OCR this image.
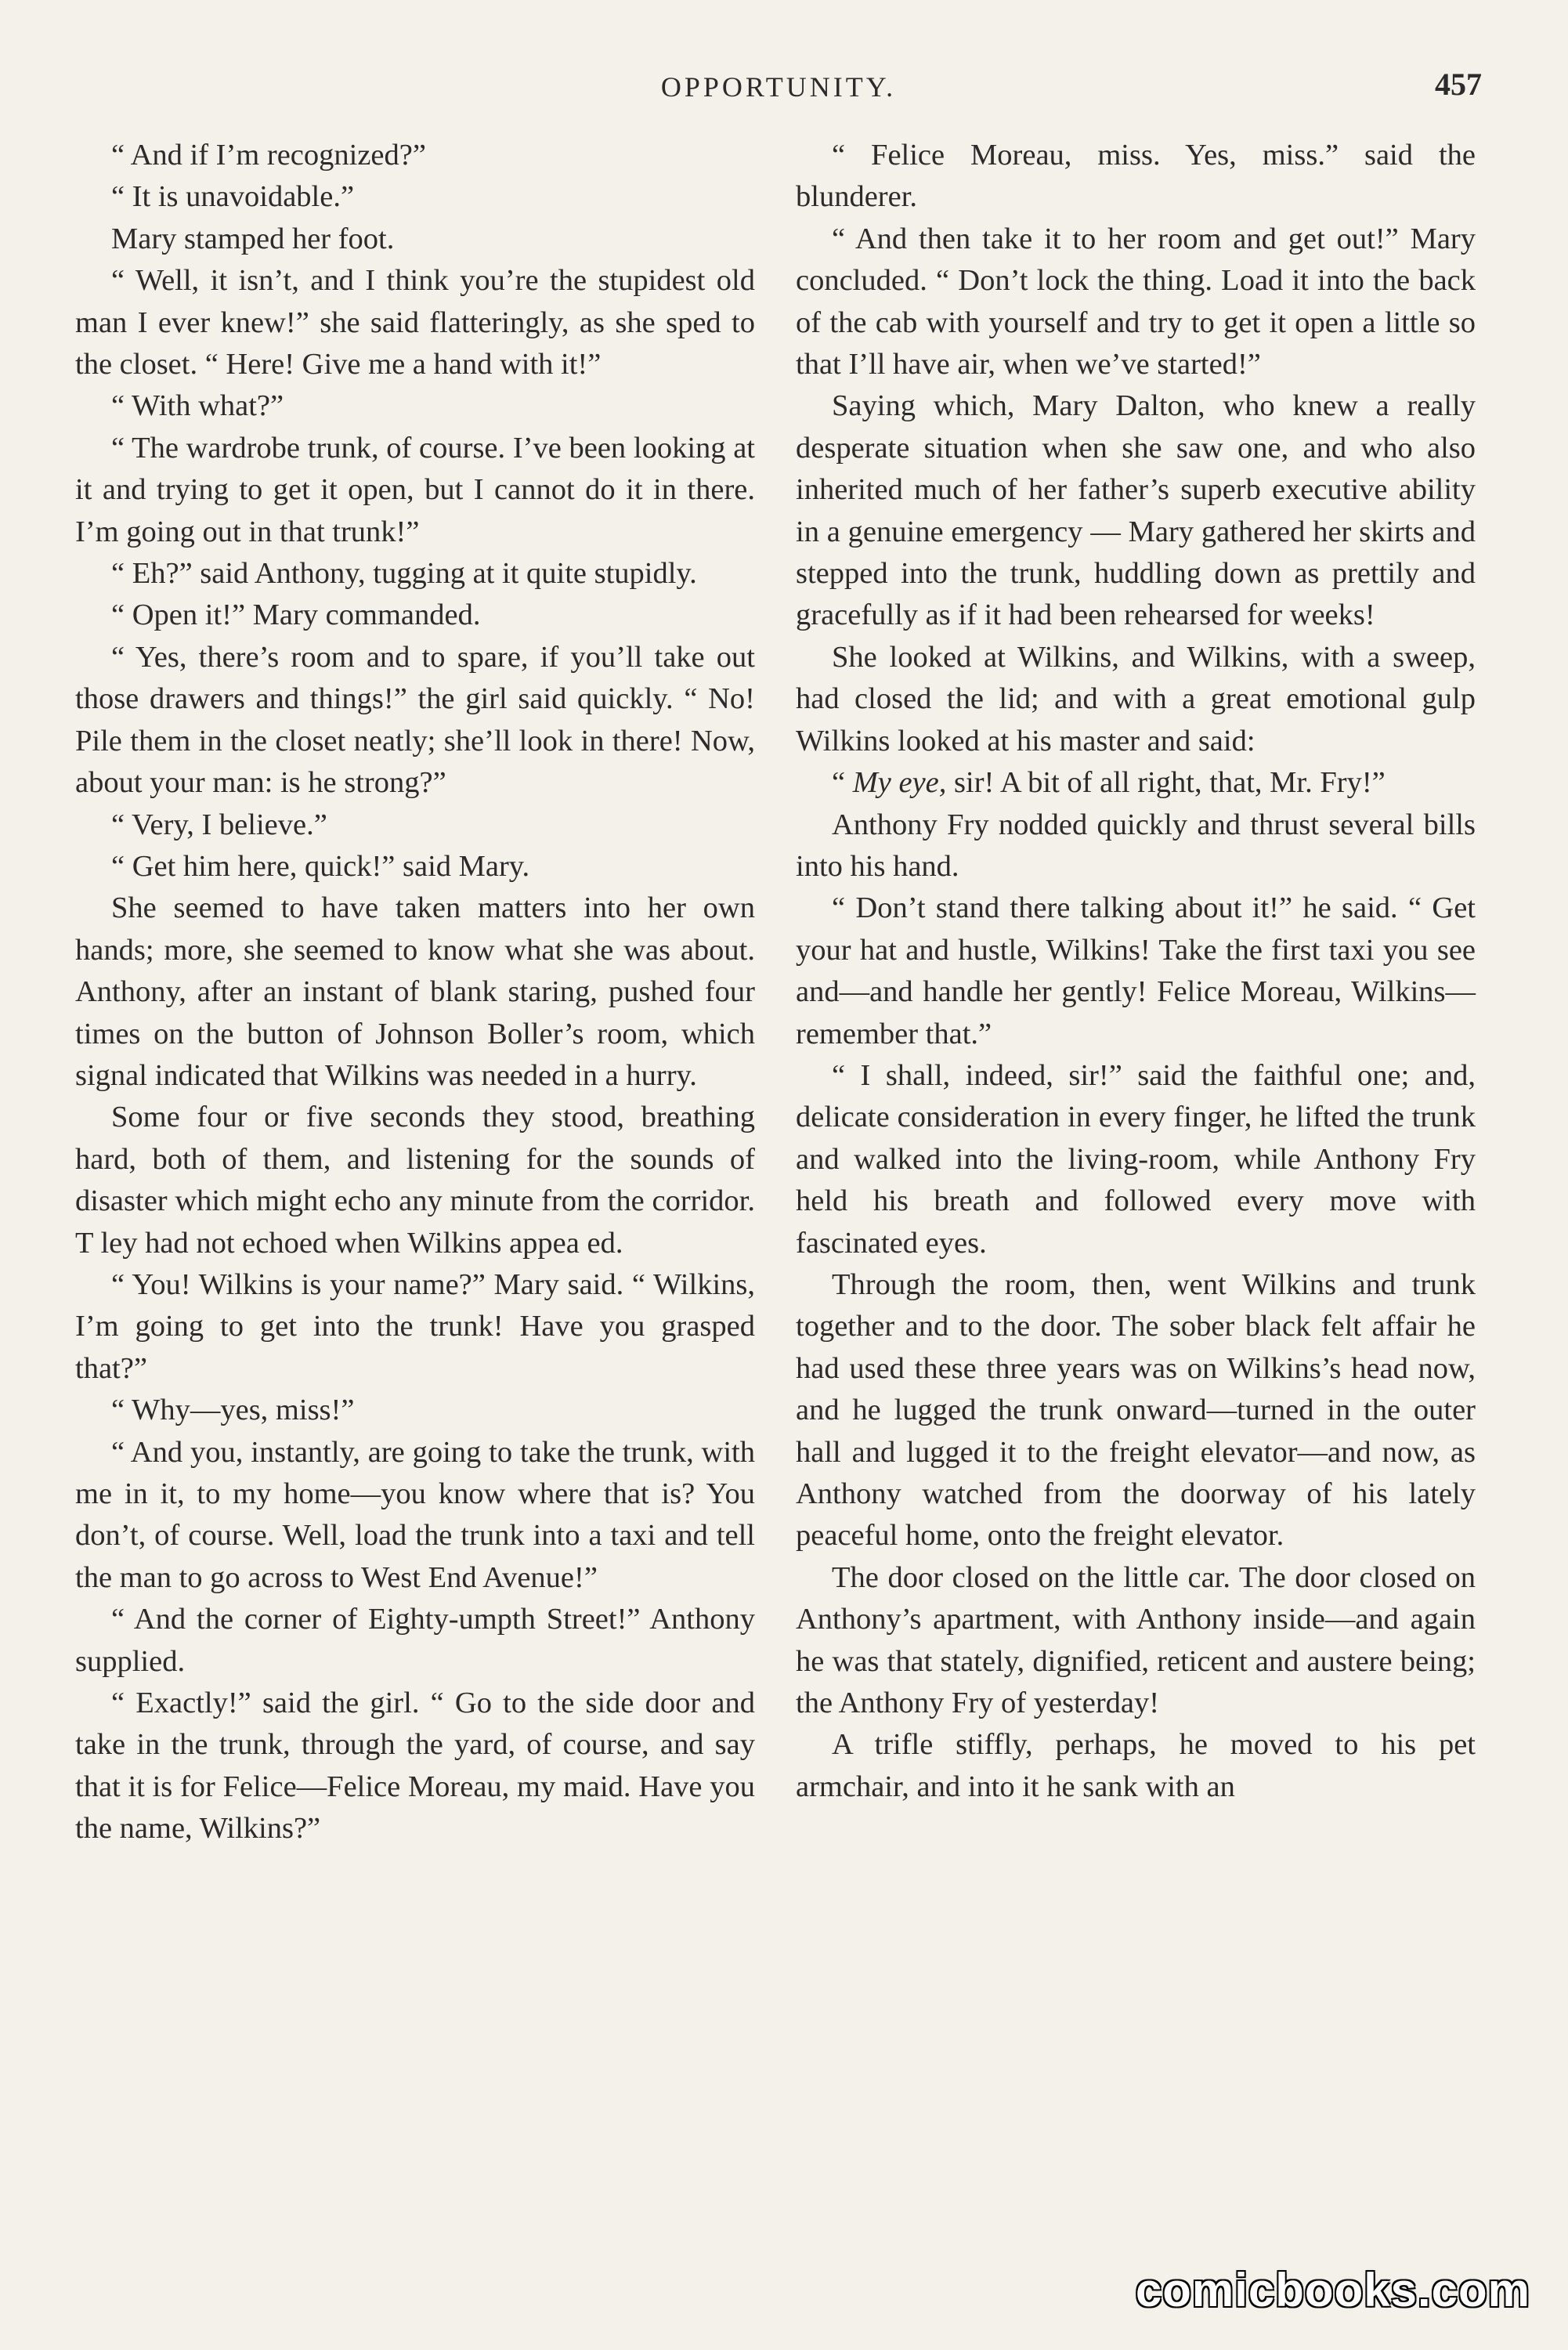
OPPORTUNITY.	457

“ And if I’m recognized?”

“ It is unavoidable.”

Mary stamped her foot.

“ Well, it isn’t, and I think you’re the stupidest old man I ever knew!” she said flatteringly, as she sped to the closet. “ Here! Give me a hand with it!”

“ With what?”

“ The wardrobe trunk, of course. I’ve been looking at it and trying to get it open, but I cannot do it in there. I’m going out in that trunk!”

“ Eh?” said Anthony, tugging at it quite stupidly.

“ Open it!” Mary commanded.

“ Yes, there’s room and to spare, if you’ll take out those drawers and things!” the girl said quickly. “ No! Pile them in the closet neatly; she’ll look in there! Now, about your man: is he strong?”

“ Very, I believe.”

“ Get him here, quick!” said Mary.

She seemed to have taken matters into her own hands; more, she seemed to know what she was about. Anthony, after an instant of blank staring, pushed four times on the button of Johnson Boller’s room, which signal indicated that Wilkins was needed in a hurry.

Some four or five seconds they stood, breathing hard, both of them, and listening for the sounds of disaster which might echo any minute from the corridor. T ley had not echoed when Wilkins appea ed.

“ You! Wilkins is your name?” Mary said. “ Wilkins, I’m going to get into the trunk! Have you grasped that?”

“ Why—yes, miss!”

“ And you, instantly, are going to take the trunk, with me in it, to my home—you know where that is? You don’t, of course. Well, load the trunk into a taxi and tell the man to go across to West End Avenue!”

“ And the corner of Eighty-umpth Street!” Anthony supplied.

“ Exactly!” said the girl. “ Go to the side door and take in the trunk, through the yard, of course, and say that it is for Felice—Felice Moreau, my maid. Have you the name, Wilkins?”

“ Felice Moreau, miss. Yes, miss.” said the blunderer.

“ And then take it to her room and get out!” Mary concluded. “ Don’t lock the thing. Load it into the back of the cab with yourself and try to get it open a little so that I’ll have air, when we’ve started!”

Saying which, Mary Dalton, who knew a really desperate situation when she saw one, and who also inherited much of her father’s superb executive ability in a genuine emergency — Mary gathered her skirts and stepped into the trunk, huddling down as prettily and gracefully as if it had been rehearsed for weeks!

She looked at Wilkins, and Wilkins, with a sweep, had closed the lid; and with a great emotional gulp Wilkins looked at his master and said:

“ My eye, sir! A bit of all right, that, Mr. Fry!”

Anthony Fry nodded quickly and thrust several bills into his hand.

“ Don’t stand there talking about it!” he said. “ Get your hat and hustle, Wilkins! Take the first taxi you see and—and handle her gently! Felice Moreau, Wilkins—remember that.”

“ I shall, indeed, sir!” said the faithful one; and, delicate consideration in every finger, he lifted the trunk and walked into the living-room, while Anthony Fry held his breath and followed every move with fascinated eyes.

Through the room, then, went Wilkins and trunk together and to the door. The sober black felt affair he had used these three years was on Wilkins’s head now, and he lugged the trunk onward—turned in the outer hall and lugged it to the freight elevator—and now, as Anthony watched from the doorway of his lately peaceful home, onto the freight elevator.

The door closed on the little car. The door closed on Anthony’s apartment, with Anthony inside—and again he was that stately, dignified, reticent and austere being; the Anthony Fry of yesterday!

A trifle stiffly, perhaps, he moved to his pet armchair, and into it he sank with an

comicbooks.com
